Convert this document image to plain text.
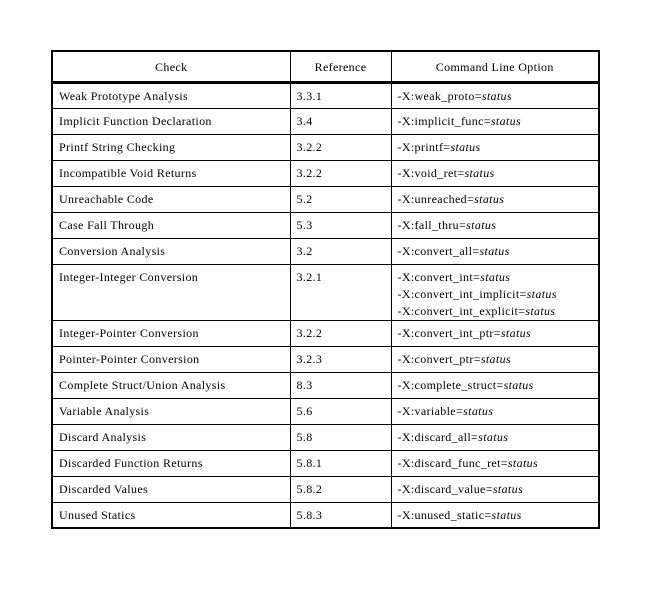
Check	Reference	Command Line Option
Weak Prototype Analysis	3.3.1	-X:weak_proto=status

Implicit Function Declaration	3.4	-X:implicit_func=status

Printf String Checking	3.2.2	-X:printf=status

Incompatible Void Returns	3.2.2	-X:void_ret=status

Unreachable Code	5.2	-X:unreached=status

Case Fall Through	5.3	-X:fall_thru=status

Conversion Analysis	3.2	-X:convert_all=status

Integer-Integer Conversion	3.2.1	-X:convert_int=status
-X:convert_int_implicit=status
-X:convert_int_explicit=status

Integer-Pointer Conversion	3.2.2	-X:convert_int_ptr=status

Pointer-Pointer Conversion	3.2.3	-X:convert_ptr=status

Complete Struct/Union Analysis	8.3	-X:complete_struct=status

Variable Analysis	5.6	-X:variable=status

Discard Analysis	5.8	-X:discard_all=status

Discarded Function Returns	5.8.1	-X:discard_func_ret=status

Discarded Values	5.8.2	-X:discard_value=status

Unused Statics	5.8.3	-X:unused_static=status
